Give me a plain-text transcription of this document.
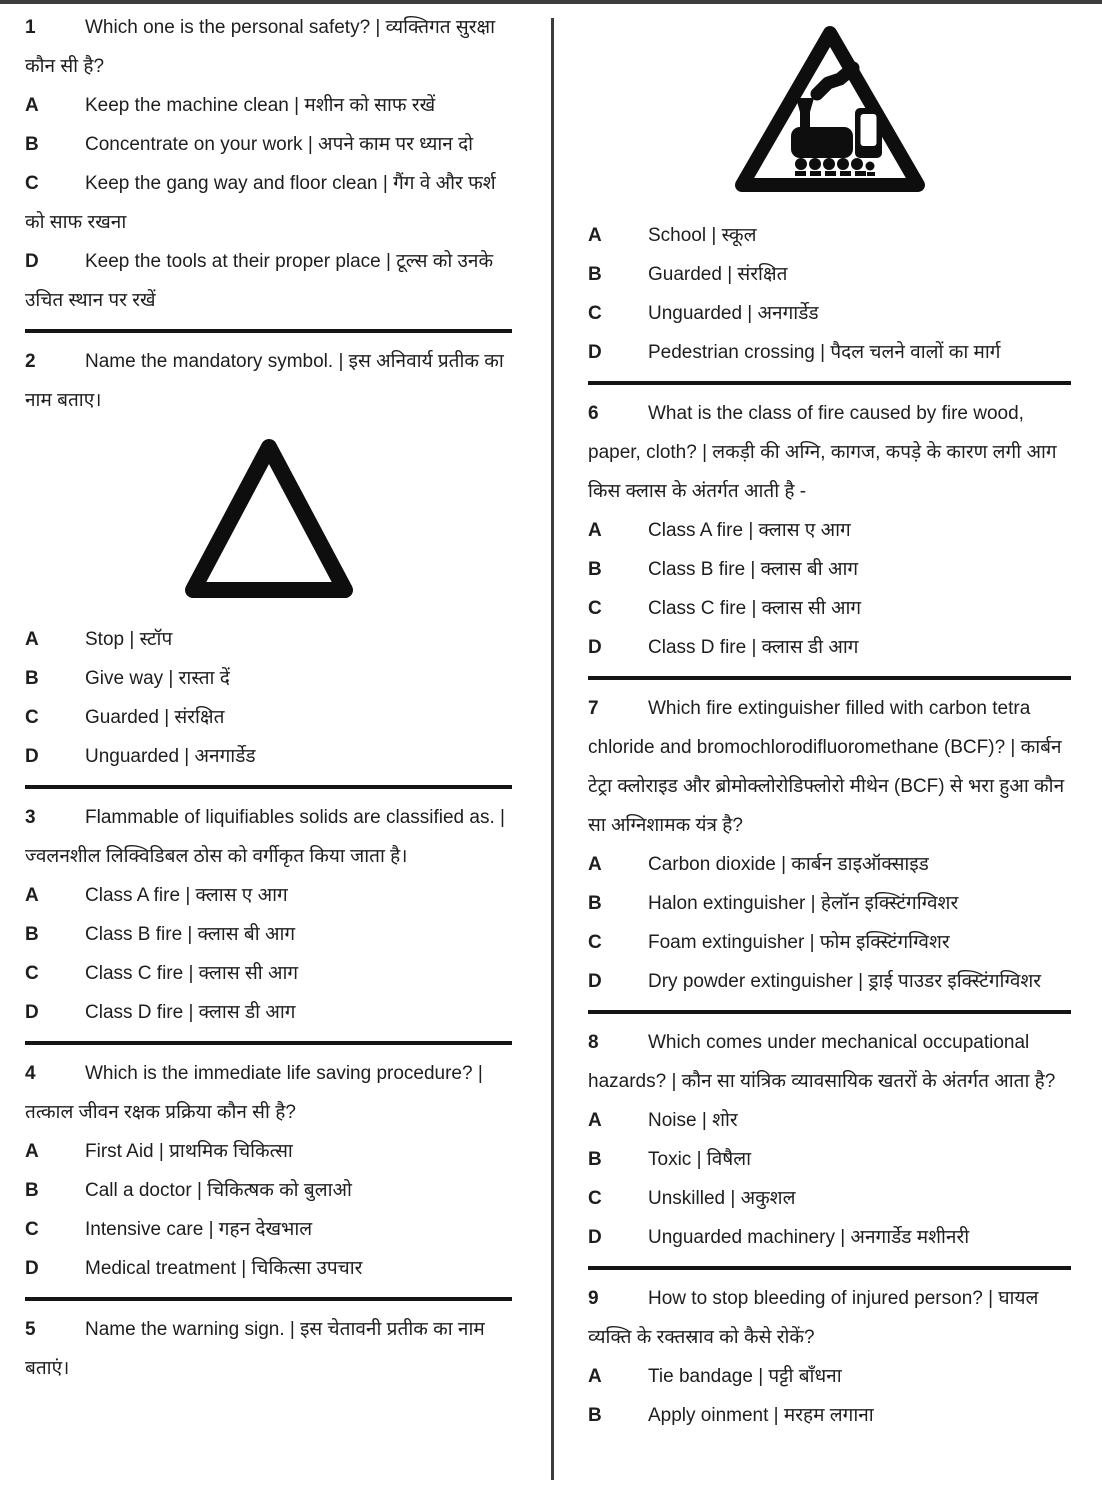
1	Which one is the personal safety? | व्यक्तिगत सुरक्षा कौन सी है?

A Keep the machine clean | मशीन को साफ रखें

B Concentrate on your work | अपने काम पर ध्यान दो

C Keep the gang way and floor clean | गैंग वे और फर्श को साफ रखना

D Keep the tools at their proper place | टूल्स को उनके उचित स्थान पर रखें

2	Name the mandatory symbol. | इस अनिवार्य प्रतीक का नाम बताए।

A Stop | स्टॉप

B Give way | रास्ता दें

C Guarded | संरक्षित

D Unguarded | अनगार्डेड

3	Flammable of liquifiables solids are classified as. | ज्वलनशील लिक्विडिबल ठोस को वर्गीकृत किया जाता है।

A Class A fire | क्लास ए आग

B Class B fire | क्लास बी आग

C Class C fire | क्लास सी आग

D Class D fire | क्लास डी आग

4	Which is the immediate life saving procedure? | तत्काल जीवन रक्षक प्रक्रिया कौन सी है?

A First Aid | प्राथमिक चिकित्सा

B Call a doctor | चिकित्षक को बुलाओ

C Intensive care | गहन देखभाल

D Medical treatment | चिकित्सा उपचार

5	Name the warning sign. | इस चेतावनी प्रतीक का नाम बताएं।

A School | स्कूल

B Guarded | संरक्षित

C Unguarded | अनगार्डेड

D Pedestrian crossing | पैदल चलने वालों का मार्ग

6	What is the class of fire caused by fire wood, paper, cloth? | लकड़ी की अग्नि, कागज, कपड़े के कारण लगी आग किस क्लास के अंतर्गत आती है -

A Class A fire | क्लास ए आग

B Class B fire | क्लास बी आग

C Class C fire | क्लास सी आग

D Class D fire | क्लास डी आग

7	Which fire extinguisher filled with carbon tetra chloride and bromochlorodifluoromethane (BCF)? | कार्बन टेट्रा क्लोराइड और ब्रोमोक्लोरोडिफ्लोरो मीथेन (BCF) से भरा हुआ कौन सा अग्निशामक यंत्र है?

A Carbon dioxide | कार्बन डाइऑक्साइड

B Halon extinguisher | हेलॉन इक्स्टिंगग्विशर

C Foam extinguisher | फोम इक्स्टिंगग्विशर

D Dry powder extinguisher | ड्राई पाउडर इक्स्टिंगग्विशर

8	Which comes under mechanical occupational hazards? | कौन सा यांत्रिक व्यावसायिक खतरों के अंतर्गत आता है?

A Noise | शोर

B Toxic | विषैला

C Unskilled | अकुशल

D Unguarded machinery | अनगार्डेड मशीनरी

9	How to stop bleeding of injured person? | घायल व्यक्ति के रक्तस्राव को कैसे रोकें?

A Tie bandage | पट्टी बाँधना

B Apply oinment | मरहम लगाना
